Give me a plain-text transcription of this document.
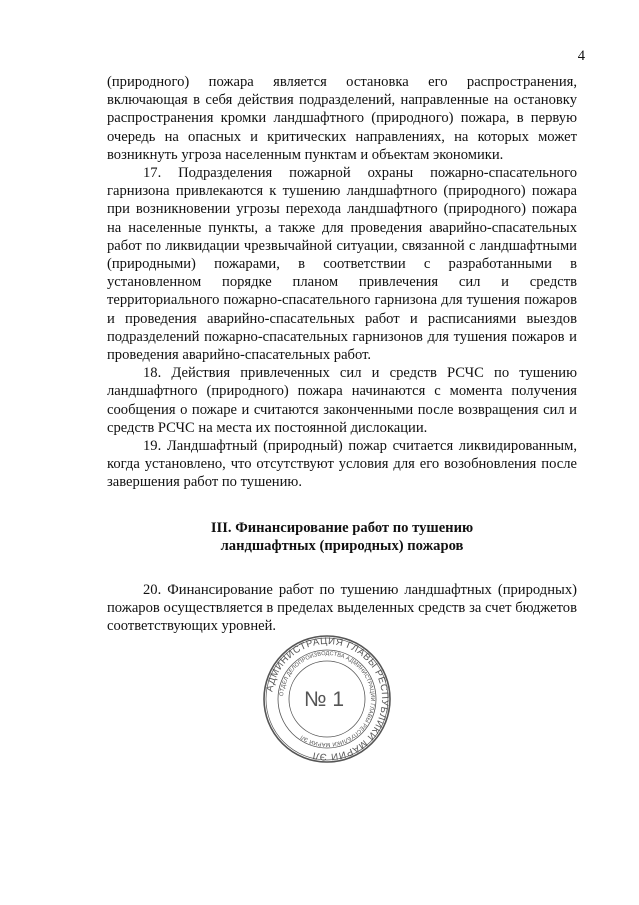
4

(природного) пожара является остановка его распространения, включающая в себя действия подразделений, направленные на остановку распространения кромки ландшафтного (природного) пожара, в первую очередь на опасных и критических направлениях, на которых может возникнуть угроза населенным пунктам и объектам экономики.

17. Подразделения пожарной охраны пожарно-спасательного гарнизона привлекаются к тушению ландшафтного (природного) пожара при возникновении угрозы перехода ландшафтного (природного) пожара на населенные пункты, а также для проведения аварийно-спасательных работ по ликвидации чрезвычайной ситуации, связанной с ландшафтными (природными) пожарами, в соответствии с разработанными в установленном порядке планом привлечения сил и средств территориального пожарно-спасательного гарнизона для тушения пожаров и проведения аварийно-спасательных работ и расписаниями выездов подразделений пожарно-спасательных гарнизонов для тушения пожаров и проведения аварийно-спасательных работ.

18. Действия привлеченных сил и средств РСЧС по тушению ландшафтного (природного) пожара начинаются с момента получения сообщения о пожаре и считаются законченными после возвращения сил и средств РСЧС на места их постоянной дислокации.

19. Ландшафтный (природный) пожар считается ликвидированным, когда установлено, что отсутствуют условия для его возобновления после завершения работ по тушению.

III. Финансирование работ по тушению
ландшафтных (природных) пожаров

20. Финансирование работ по тушению ландшафтных (природных) пожаров осуществляется в пределах выделенных средств за счет бюджетов соответствующих уровней.

АДМИНИСТРАЦИЯ ГЛАВЫ РЕСПУБЛИКИ МАРИЙ ЭЛ
ОТДЕЛ ДЕЛОПРОИЗВОДСТВА АДМИНИСТРАЦИИ ГЛАВЫ РЕСПУБЛИКИ МАРИЙ ЭЛ
№ 1
